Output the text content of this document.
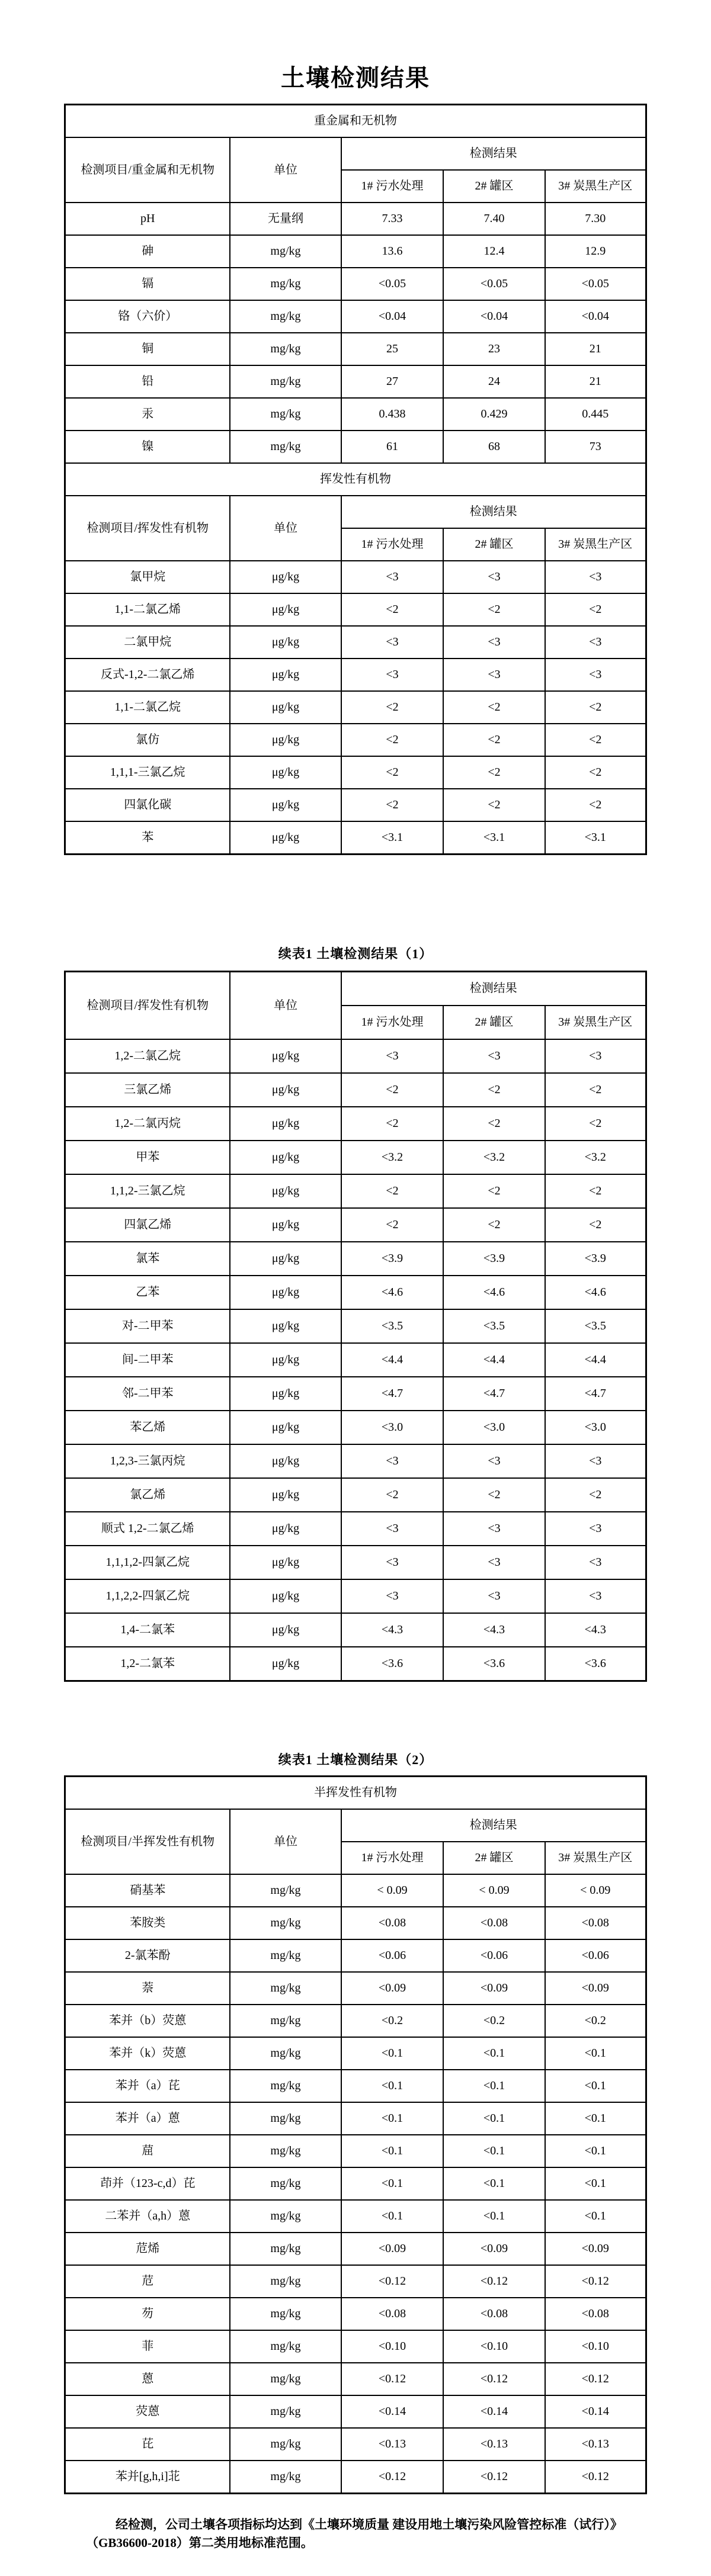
土壤检测结果
重金属和无机物				
检测项目/重金属和无机物	单位	检测结果		
		1# 污水处理	2# 罐区	3# 炭黑生产区
pH	无量纲	7.33	7.40	7.30
砷	mg/kg	13.6	12.4	12.9
镉	mg/kg	<0.05	<0.05	<0.05
铬（六价）	mg/kg	<0.04	<0.04	<0.04
铜	mg/kg	25	23	21
铅	mg/kg	27	24	21
汞	mg/kg	0.438	0.429	0.445
镍	mg/kg	61	68	73
挥发性有机物				
检测项目/挥发性有机物	单位	检测结果		
		1# 污水处理	2# 罐区	3# 炭黑生产区
氯甲烷	μg/kg	<3	<3	<3
1,1-二氯乙烯	μg/kg	<2	<2	<2
二氯甲烷	μg/kg	<3	<3	<3
反式-1,2-二氯乙烯	μg/kg	<3	<3	<3
1,1-二氯乙烷	μg/kg	<2	<2	<2
氯仿	μg/kg	<2	<2	<2
1,1,1-三氯乙烷	μg/kg	<2	<2	<2
四氯化碳	μg/kg	<2	<2	<2
苯	μg/kg	<3.1	<3.1	<3.1
续表1 土壤检测结果（1）
检测项目/挥发性有机物	单位	检测结果		
		1# 污水处理	2# 罐区	3# 炭黑生产区
1,2-二氯乙烷	μg/kg	<3	<3	<3
三氯乙烯	μg/kg	<2	<2	<2
1,2-二氯丙烷	μg/kg	<2	<2	<2
甲苯	μg/kg	<3.2	<3.2	<3.2
1,1,2-三氯乙烷	μg/kg	<2	<2	<2
四氯乙烯	μg/kg	<2	<2	<2
氯苯	μg/kg	<3.9	<3.9	<3.9
乙苯	μg/kg	<4.6	<4.6	<4.6
对-二甲苯	μg/kg	<3.5	<3.5	<3.5
间-二甲苯	μg/kg	<4.4	<4.4	<4.4
邻-二甲苯	μg/kg	<4.7	<4.7	<4.7
苯乙烯	μg/kg	<3.0	<3.0	<3.0
1,2,3-三氯丙烷	μg/kg	<3	<3	<3
氯乙烯	μg/kg	<2	<2	<2
顺式 1,2-二氯乙烯	μg/kg	<3	<3	<3
1,1,1,2-四氯乙烷	μg/kg	<3	<3	<3
1,1,2,2-四氯乙烷	μg/kg	<3	<3	<3
1,4-二氯苯	μg/kg	<4.3	<4.3	<4.3
1,2-二氯苯	μg/kg	<3.6	<3.6	<3.6
续表1 土壤检测结果（2）
半挥发性有机物				
检测项目/半挥发性有机物	单位	检测结果		
		1# 污水处理	2# 罐区	3# 炭黑生产区
硝基苯	mg/kg	< 0.09	< 0.09	< 0.09
苯胺类	mg/kg	<0.08	<0.08	<0.08
2-氯苯酚	mg/kg	<0.06	<0.06	<0.06
萘	mg/kg	<0.09	<0.09	<0.09
苯并（b）荧蒽	mg/kg	<0.2	<0.2	<0.2
苯并（k）荧蒽	mg/kg	<0.1	<0.1	<0.1
苯并（a）芘	mg/kg	<0.1	<0.1	<0.1
苯并（a）蒽	mg/kg	<0.1	<0.1	<0.1
䓛	mg/kg	<0.1	<0.1	<0.1
茚并（123-c,d）芘	mg/kg	<0.1	<0.1	<0.1
二苯并（a,h）蒽	mg/kg	<0.1	<0.1	<0.1
苊烯	mg/kg	<0.09	<0.09	<0.09
苊	mg/kg	<0.12	<0.12	<0.12
芴	mg/kg	<0.08	<0.08	<0.08
菲	mg/kg	<0.10	<0.10	<0.10
蒽	mg/kg	<0.12	<0.12	<0.12
荧蒽	mg/kg	<0.14	<0.14	<0.14
芘	mg/kg	<0.13	<0.13	<0.13
苯并[g,h,i]苝	mg/kg	<0.12	<0.12	<0.12

经检测，公司土壤各项指标均达到《土壤环境质量 建设用地土壤污染风险管控标准（试行）》
（GB36600-2018）第二类用地标准范围。
